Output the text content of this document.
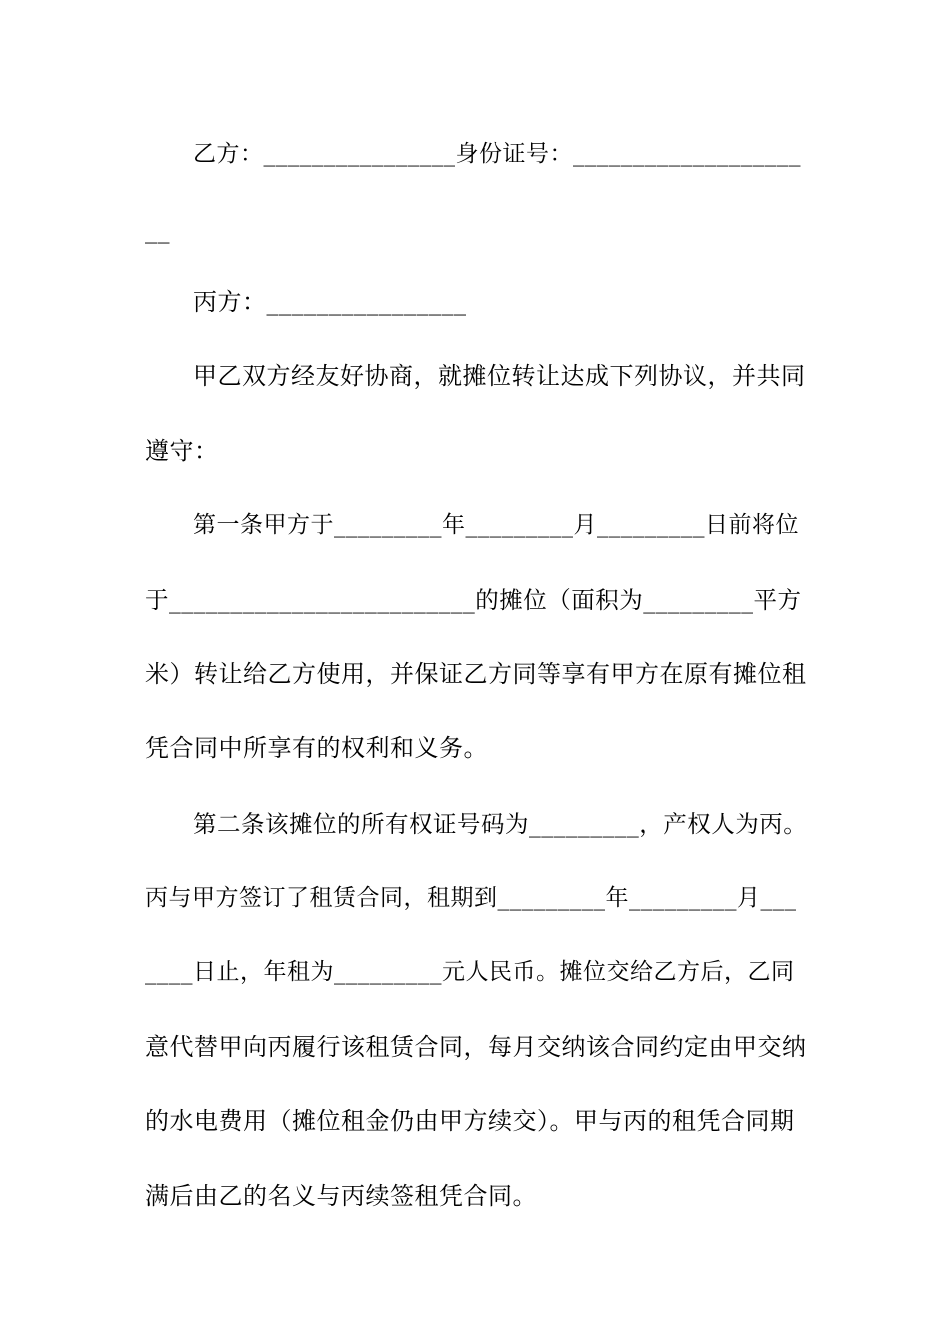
乙方：________________身份证号：___________________
__
丙方：________________
甲乙双方经友好协商，就摊位转让达成下列协议，并共同
遵守：
第一条甲方于_________年_________月_________日前将位
于_________________________的摊位（面积为_________平方
米）转让给乙方使用，并保证乙方同等享有甲方在原有摊位租
凭合同中所享有的权利和义务。
第二条该摊位的所有权证号码为_________，产权人为丙。
丙与甲方签订了租赁合同，租期到_________年_________月___
____日止，年租为_________元人民币。摊位交给乙方后，乙同
意代替甲向丙履行该租赁合同，每月交纳该合同约定由甲交纳
的水电费用（摊位租金仍由甲方续交）。甲与丙的租凭合同期
满后由乙的名义与丙续签租凭合同。
